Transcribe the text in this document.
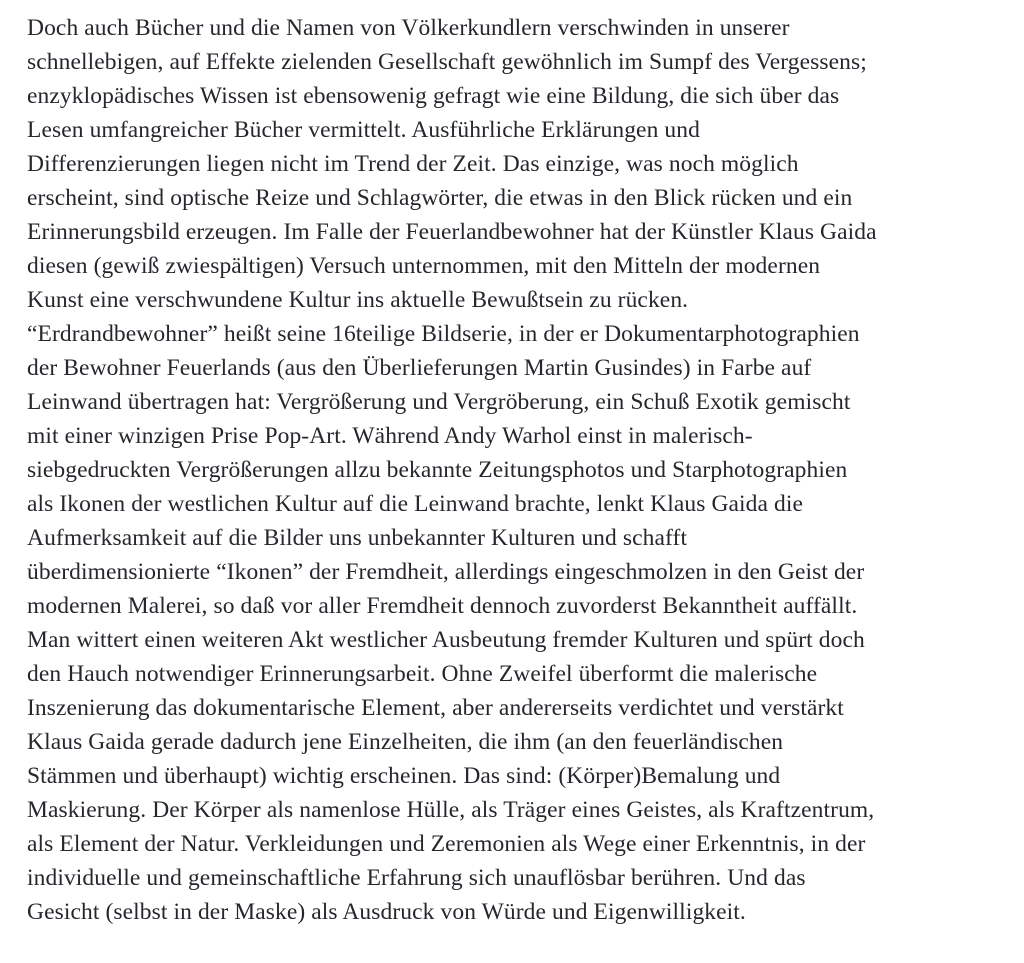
Doch auch Bücher und die Namen von Völkerkundlern verschwinden in unserer
schnellebigen, auf Effekte zielenden Gesellschaft gewöhnlich im Sumpf des Vergessens;
enzyklopädisches Wissen ist ebensowenig gefragt wie eine Bildung, die sich über das
Lesen umfangreicher Bücher vermittelt. Ausführliche Erklärungen und
Differenzierungen liegen nicht im Trend der Zeit. Das einzige, was noch möglich
erscheint, sind optische Reize und Schlagwörter, die etwas in den Blick rücken und ein
Erinnerungsbild erzeugen. Im Falle der Feuerlandbewohner hat der Künstler Klaus Gaida
diesen (gewiß zwiespältigen) Versuch unternommen, mit den Mitteln der modernen
Kunst eine verschwundene Kultur ins aktuelle Bewußtsein zu rücken.
“Erdrandbewohner” heißt seine 16teilige Bildserie, in der er Dokumentarphotographien
der Bewohner Feuerlands (aus den Überlieferungen Martin Gusindes) in Farbe auf
Leinwand übertragen hat: Vergrößerung und Vergröberung, ein Schuß Exotik gemischt
mit einer winzigen Prise Pop-Art. Während Andy Warhol einst in malerisch-
siebgedruckten Vergrößerungen allzu bekannte Zeitungsphotos und Starphotographien
als Ikonen der westlichen Kultur auf die Leinwand brachte, lenkt Klaus Gaida die
Aufmerksamkeit auf die Bilder uns unbekannter Kulturen und schafft
überdimensionierte “Ikonen” der Fremdheit, allerdings eingeschmolzen in den Geist der
modernen Malerei, so daß vor aller Fremdheit dennoch zuvorderst Bekanntheit auffällt.
Man wittert einen weiteren Akt westlicher Ausbeutung fremder Kulturen und spürt doch
den Hauch notwendiger Erinnerungsarbeit. Ohne Zweifel überformt die malerische
Inszenierung das dokumentarische Element, aber andererseits verdichtet und verstärkt
Klaus Gaida gerade dadurch jene Einzelheiten, die ihm (an den feuerländischen
Stämmen und überhaupt) wichtig erscheinen. Das sind: (Körper)Bemalung und
Maskierung. Der Körper als namenlose Hülle, als Träger eines Geistes, als Kraftzentrum,
als Element der Natur. Verkleidungen und Zeremonien als Wege einer Erkenntnis, in der
individuelle und gemeinschaftliche Erfahrung sich unauflösbar berühren. Und das
Gesicht (selbst in der Maske) als Ausdruck von Würde und Eigenwilligkeit.
